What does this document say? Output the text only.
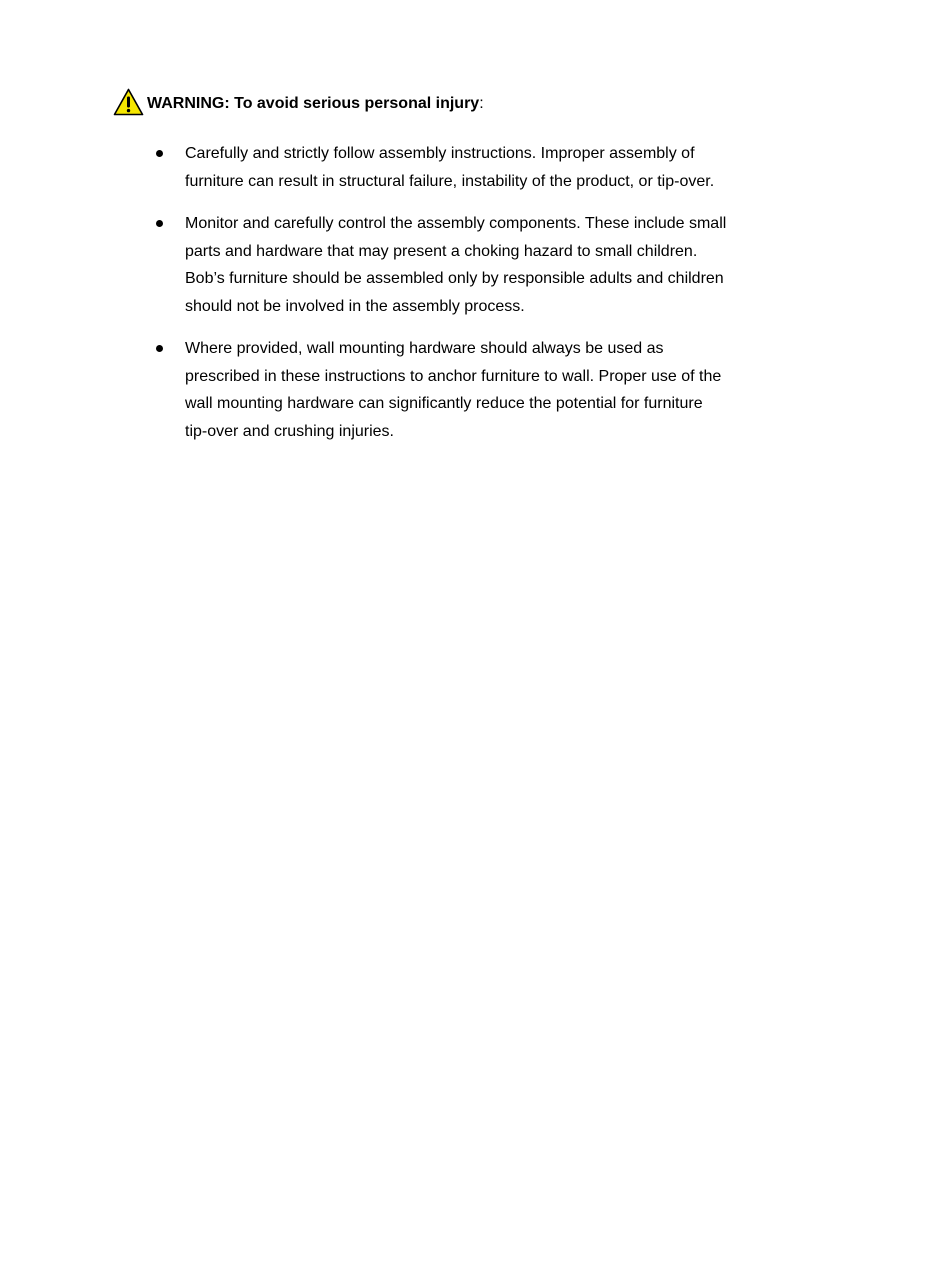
WARNING: To avoid serious personal injury:
Carefully and strictly follow assembly instructions. Improper assembly of
furniture can result in structural failure, instability of the product, or tip-over.
Monitor and carefully control the assembly components. These include small
parts and hardware that may present a choking hazard to small children.
Bob’s furniture should be assembled only by responsible adults and children
should not be involved in the assembly process.
Where provided, wall mounting hardware should always be used as
prescribed in these instructions to anchor furniture to wall. Proper use of the
wall mounting hardware can significantly reduce the potential for furniture
tip-over and crushing injuries.
